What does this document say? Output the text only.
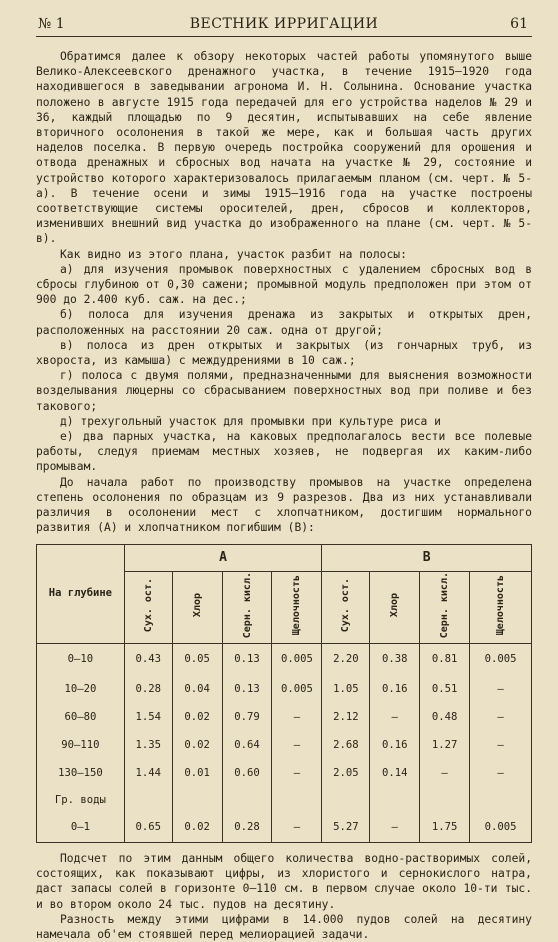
№ 1	ВЕСТНИК ИРРИГАЦИИ	61

Обратимся далее к обзору некоторых частей работы упомянутого выше Велико-Алексеевского дренажного участка, в течение 1915—1920 года находившегося в заведывании агронома И. Н. Солынина. Основание участка положено в августе 1915 года передачей для его устройства наделов № 29 и 36, каждый площадью по 9 десятин, испытывавших на себе явление вторичного осолонения в такой же мере, как и большая часть других наделов поселка. В первую очередь постройка сооружений для орошения и отвода дренажных и сбросных вод начата на участке № 29, состояние и устройство которого характеризовалось прилагаемым планом (см. черт. № 5-а). В течение осени и зимы 1915—1916 года на участке построены соответствующие системы оросителей, дрен, сбросов и коллекторов, изменивших внешний вид участка до изображенного на плане (см. черт. № 5-в).

Как видно из этого плана, участок разбит на полосы:

а) для изучения промывок поверхностных с удалением сбросных вод в сбросы глубиною от 0,30 сажени; промывной модуль предположен при этом от 900 до 2.400 куб. саж. на дес.;

б) полоса для изучения дренажа из закрытых и открытых дрен, расположенных на расстоянии 20 саж. одна от другой;

в) полоса из дрен открытых и закрытых (из гончарных труб, из хвороста, из камыша) с междудрениями в 10 саж.;

г) полоса с двумя полями, предназначенными для выяснения возможности возделывания люцерны со сбрасыванием поверхностных вод при поливе и без такового;

д) трехугольный участок для промывки при культуре риса и

е) два парных участка, на каковых предполагалось вести все полевые работы, следуя приемам местных хозяев, не подвергая их каким-либо промывам.

До начала работ по производству промывов на участке определена степень осолонения по образцам из 9 разрезов. Два из них устанавливали различия в осолонении мест с хлопчатником, достигшим нормального развития (А) и хлопчатником погибшим (В):

На глубине	А				В			
	Сух. ост.	Хлор	Серн. кисл.	Щелочность	Сух. ост.	Хлор	Серн. кисл.	Щелочность
0—10	0.43	0.05	0.13	0.005	2.20	0.38	0.81	0.005
10—20	0.28	0.04	0.13	0.005	1.05	0.16	0.51	—
60—80	1.54	0.02	0.79	—	2.12	—	0.48	—
90—110	1.35	0.02	0.64	—	2.68	0.16	1.27	—
130—150	1.44	0.01	0.60	—	2.05	0.14	—	—
Гр. воды								
0—1	0.65	0.02	0.28	—	5.27	—	1.75	0.005

Подсчет по этим данным общего количества водно-растворимых солей, состоящих, как показывают цифры, из хлористого и сернокислого натра, даст запасы солей в горизонте 0—110 см. в первом случае около 10-ти тыс. и во втором около 24 тыс. пудов на десятину.

Разность между этими цифрами в 14.000 пудов солей на десятину намечала об'ем стоявшей перед мелиорацией задачи.
